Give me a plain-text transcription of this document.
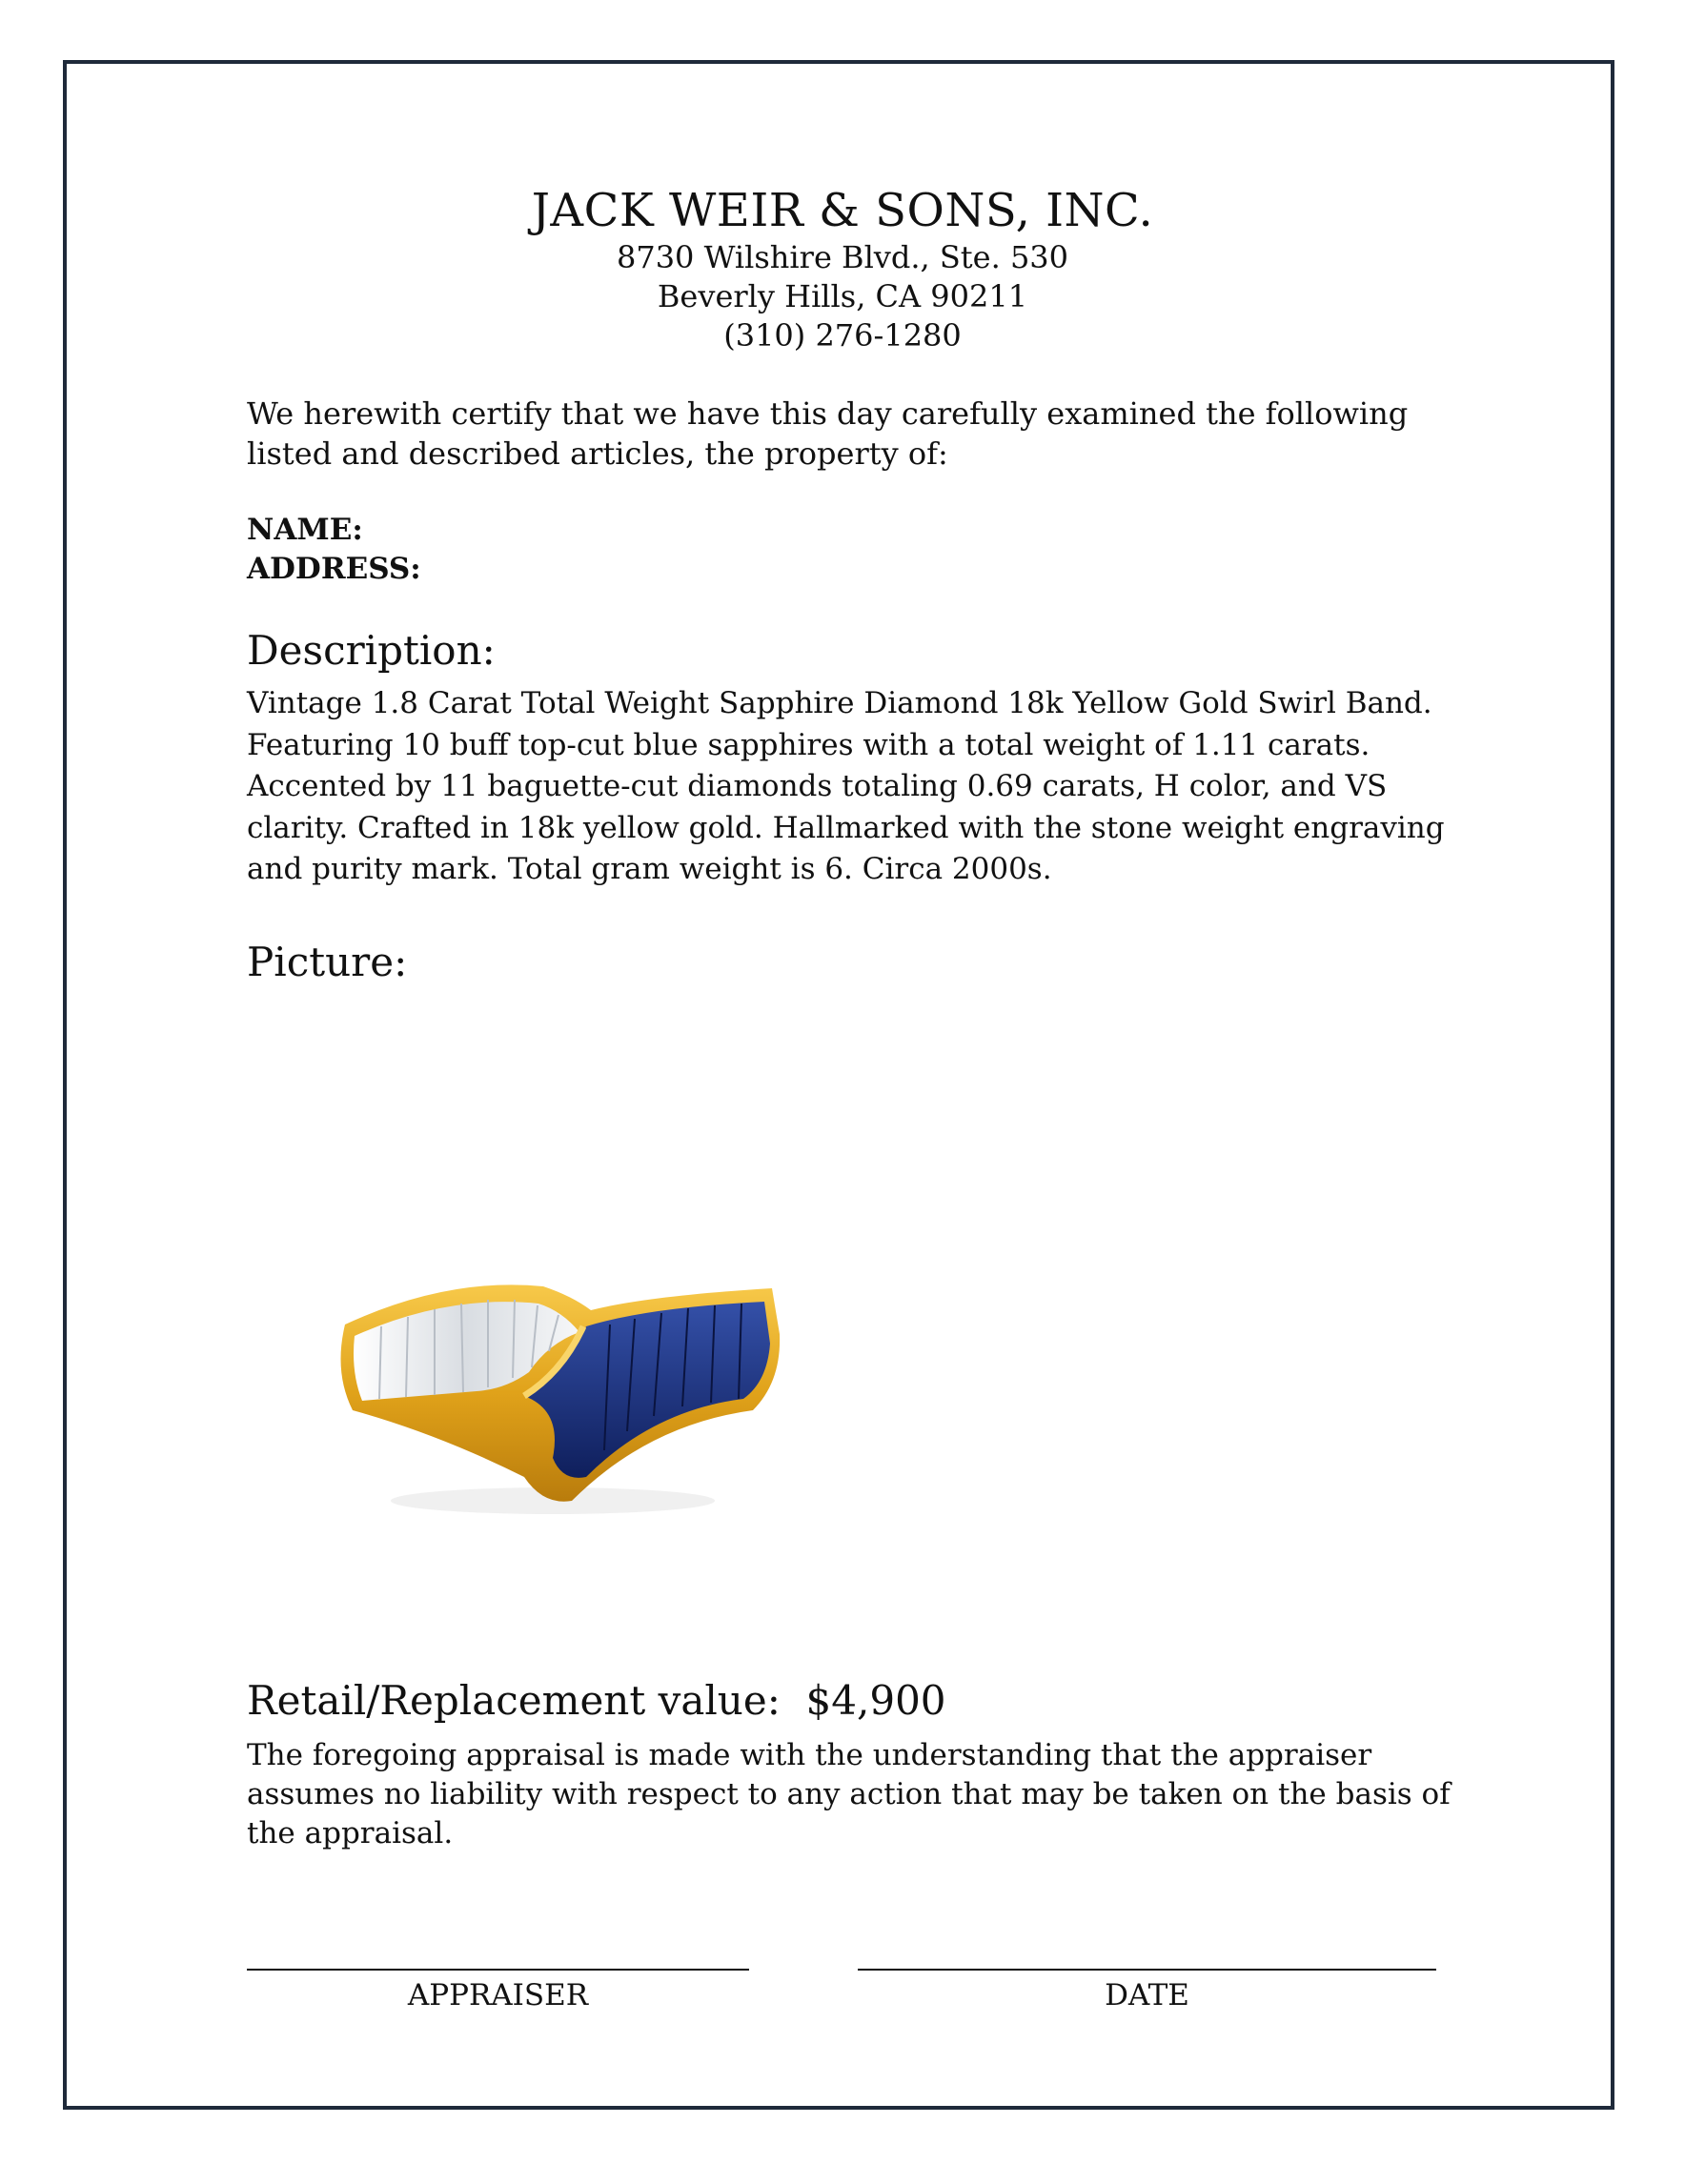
JACK WEIR & SONS, INC.
8730 Wilshire Blvd., Ste. 530
Beverly Hills, CA 90211
(310) 276-1280
We herewith certify that we have this day carefully examined the following listed and described articles, the property of:
NAME:
ADDRESS:
Description:
Vintage 1.8 Carat Total Weight Sapphire Diamond 18k Yellow Gold Swirl Band. Featuring 10 buff top-cut blue sapphires with a total weight of 1.11 carats. Accented by 11 baguette-cut diamonds totaling 0.69 carats, H color, and VS clarity. Crafted in 18k yellow gold. Hallmarked with the stone weight engraving and purity mark. Total gram weight is 6. Circa 2000s.
Picture:
Retail/Replacement value: $4,900
The foregoing appraisal is made with the understanding that the appraiser assumes no liability with respect to any action that may be taken on the basis of the appraisal.
APPRAISER	DATE
